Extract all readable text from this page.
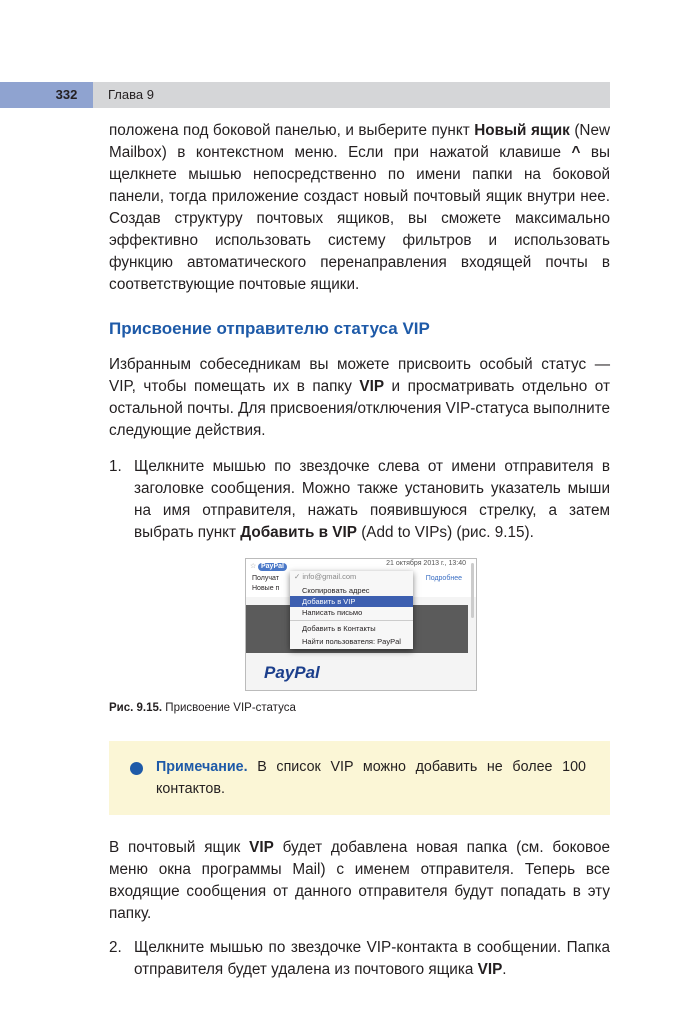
332	Глава 9

положена под боковой панелью, и выберите пункт Новый ящик (New Mailbox) в контекстном меню. Если при нажатой клавише ^ вы щелкнете мышью непосредственно по имени папки на боковой панели, тогда приложение создаст новый почтовый ящик внутри нее. Создав структуру почтовых ящиков, вы сможете максимально эффективно использовать систему фильтров и использовать функцию автоматического перенаправления входящей почты в соответствующие почтовые ящики.

Присвоение отправителю статуса VIP

Избранным собеседникам вы можете присвоить особый статус — VIP, чтобы помещать их в папку VIP и просматривать отдельно от остальной почты. Для присвоения/отключения VIP-статуса выполните следующие действия.

1. Щелкните мышью по звездочке слева от имени отправителя в заголовке сообщения. Можно также установить указатель мыши на имя отправителя, нажать появившуюся стрелку, а затем выбрать пункт Добавить в VIP (Add to VIPs) (рис. 9.15).

☆ PayPal
Получат
Новые п
21 октября 2013 г., 13:40
Подробнее
✓ info@gmail.com
Скопировать адрес
Добавить в VIP
Написать письмо
Добавить в Контакты
Найти пользователя: PayPal
PayPal
Рис. 9.15. Присвоение VIP-статуса

Примечание. В список VIP можно добавить не более 100 контактов.

В почтовый ящик VIP будет добавлена новая папка (см. боковое меню окна программы Mail) с именем отправителя. Теперь все входящие сообщения от данного отправителя будут попадать в эту папку.

2. Щелкните мышью по звездочке VIP-контакта в сообщении. Папка отправителя будет удалена из почтового ящика VIP.
